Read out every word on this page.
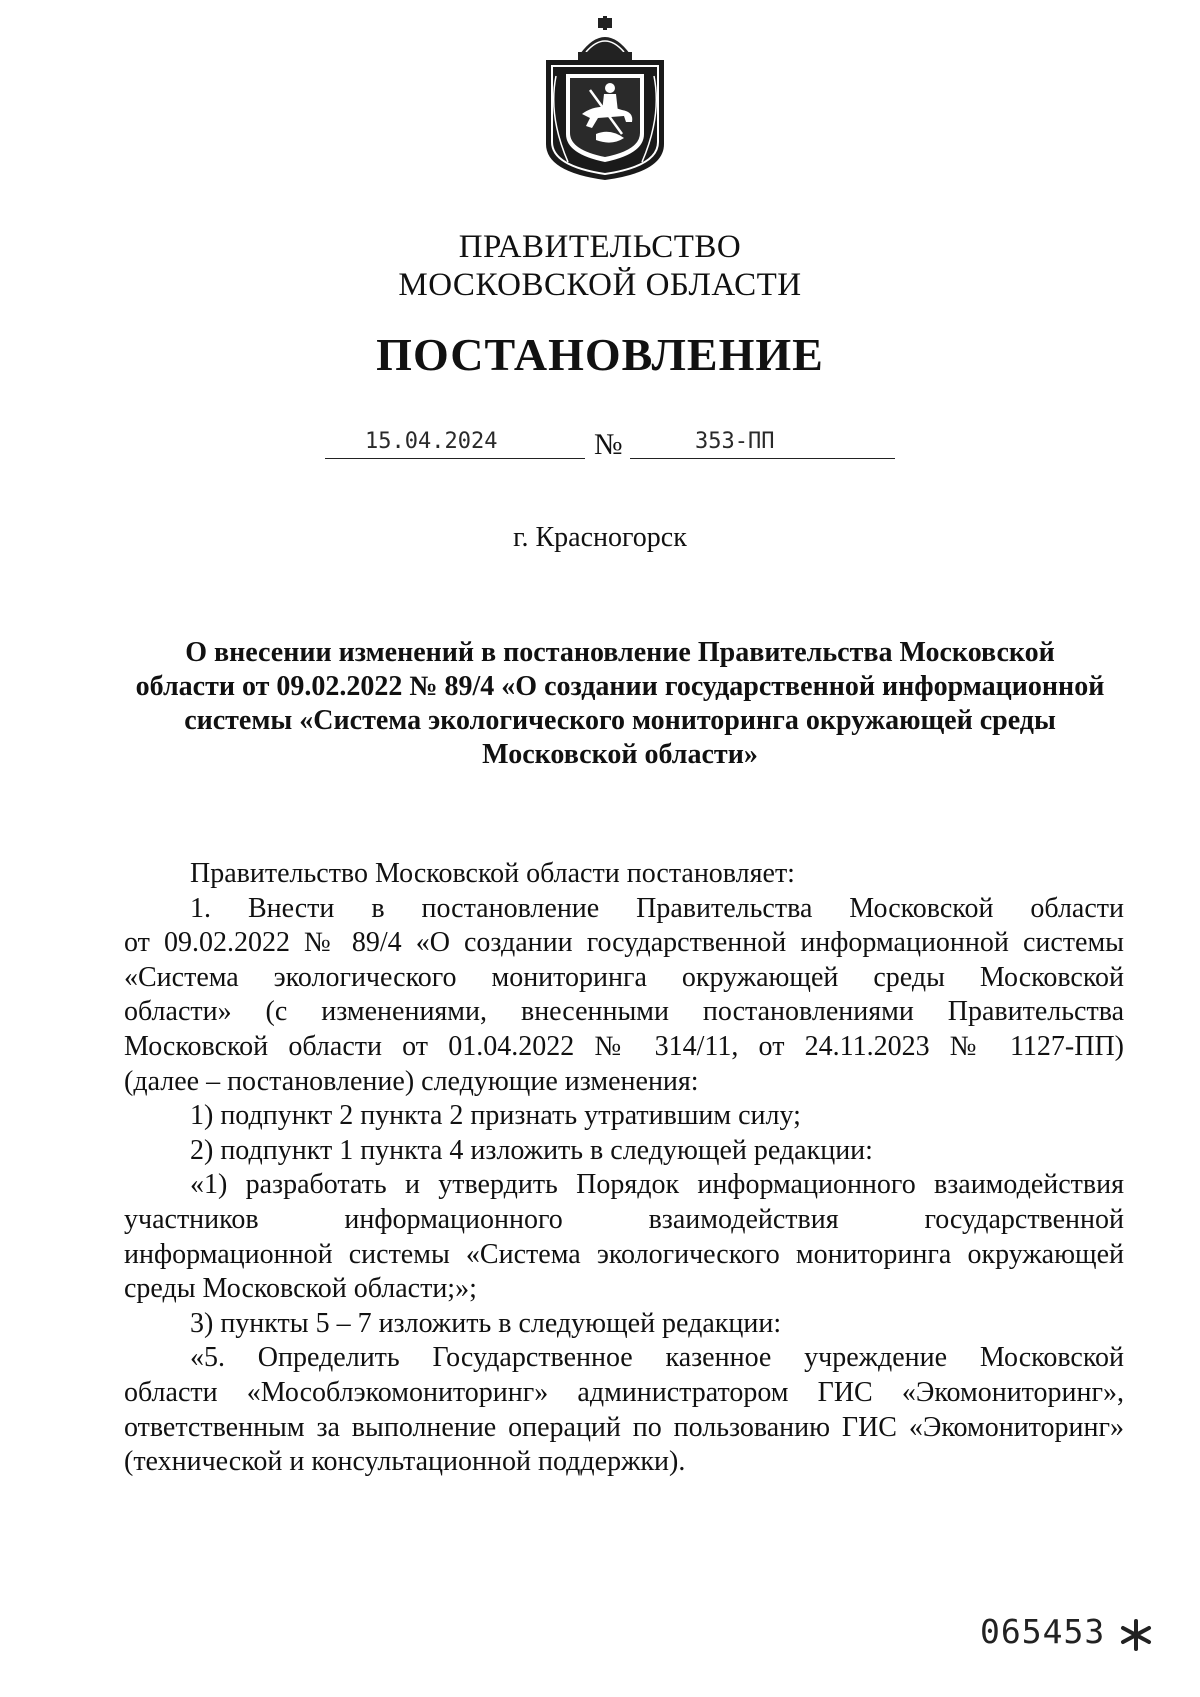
ПРАВИТЕЛЬСТВО
МОСКОВСКОЙ ОБЛАСТИ
ПОСТАНОВЛЕНИЕ
15.04.2024	№	353-ПП
г. Красногорск
О внесении изменений в постановление Правительства Московской
области от 09.02.2022 № 89/4 «О создании государственной информационной
системы «Система экологического мониторинга окружающей среды
Московской области»
Правительство Московской области постановляет:
1. Внести в постановление Правительства Московской области
от 09.02.2022 № 89/4 «О создании государственной информационной системы
«Система экологического мониторинга окружающей среды Московской
области» (с изменениями, внесенными постановлениями Правительства
Московской области от 01.04.2022 № 314/11, от 24.11.2023 № 1127-ПП)
(далее – постановление) следующие изменения:
1) подпункт 2 пункта 2 признать утратившим силу;
2) подпункт 1 пункта 4 изложить в следующей редакции:
«1) разработать и утвердить Порядок информационного взаимодействия
участников информационного взаимодействия государственной
информационной системы «Система экологического мониторинга окружающей
среды Московской области;»;
3) пункты 5 – 7 изложить в следующей редакции:
«5. Определить Государственное казенное учреждение Московской
области «Мособлэкомониторинг» администратором ГИС «Экомониторинг»,
ответственным за выполнение операций по пользованию ГИС «Экомониторинг»
(технической и консультационной поддержки).
065453
